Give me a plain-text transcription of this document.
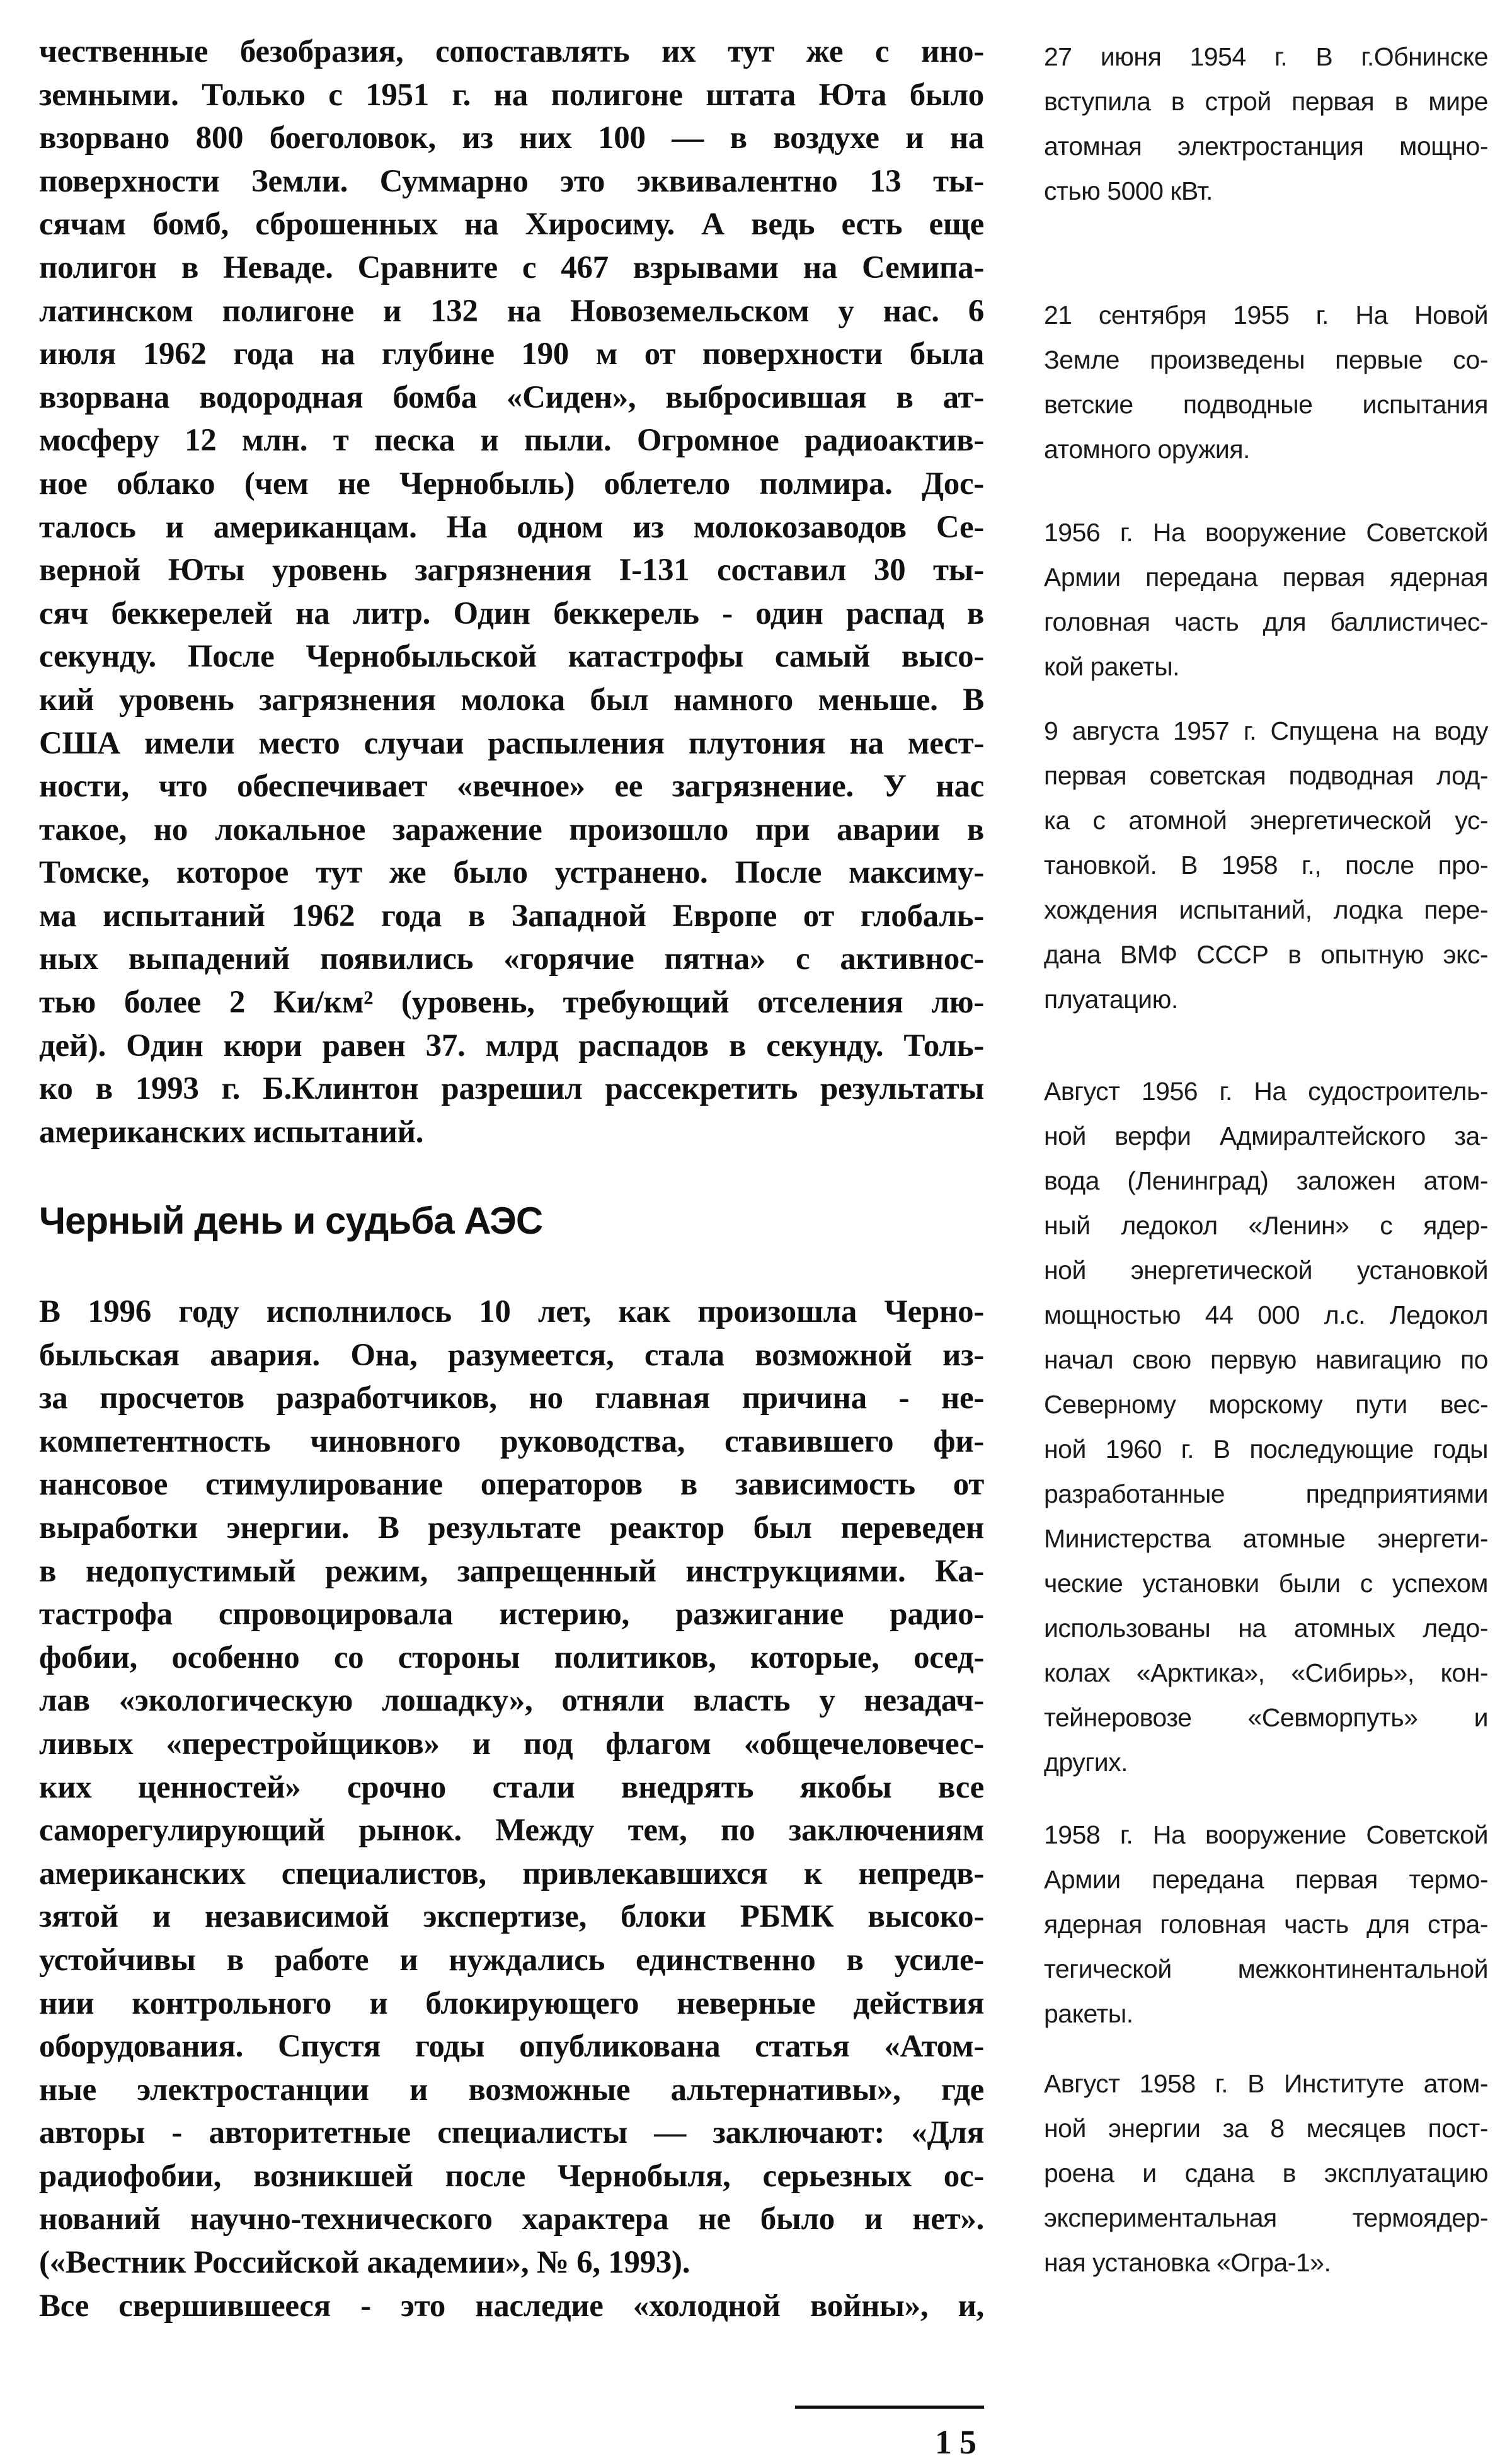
чественные безобразия, сопоставлять их тут же с ино-
земными. Только с 1951 г. на полигоне штата Юта было
взорвано 800 боеголовок, из них 100 — в воздухе и на
поверхности Земли. Суммарно это эквивалентно 13 ты-
сячам бомб, сброшенных на Хиросиму. А ведь есть еще
полигон в Неваде. Сравните с 467 взрывами на Семипа-
латинском полигоне и 132 на Новоземельском у нас. 6
июля 1962 года на глубине 190 м от поверхности была
взорвана водородная бомба «Сиден», выбросившая в ат-
мосферу 12 млн. т песка и пыли. Огромное радиоактив-
ное облако (чем не Чернобыль) облетело полмира. Дос-
талось и американцам. На одном из молокозаводов Се-
верной Юты уровень загрязнения I-131 составил 30 ты-
сяч беккерелей на литр. Один беккерель - один распад в
секунду. После Чернобыльской катастрофы самый высо-
кий уровень загрязнения молока был намного меньше. В
США имели место случаи распыления плутония на мест-
ности, что обеспечивает «вечное» ее загрязнение. У нас
такое, но локальное заражение произошло при аварии в
Томске, которое тут же было устранено. После максиму-
ма испытаний 1962 года в Западной Европе от глобаль-
ных выпадений появились «горячие пятна» с активнос-
тью более 2 Ки/км² (уровень, требующий отселения лю-
дей). Один кюри равен 37. млрд распадов в секунду. Толь-
ко в 1993 г. Б.Клинтон разрешил рассекретить результаты
американских испытаний.
Черный день и судьба АЭС
В 1996 году исполнилось 10 лет, как произошла Черно-
быльская авария. Она, разумеется, стала возможной из-
за просчетов разработчиков, но главная причина - не-
компетентность чиновного руководства, ставившего фи-
нансовое стимулирование операторов в зависимость от
выработки энергии. В результате реактор был переведен
в недопустимый режим, запрещенный инструкциями. Ка-
тастрофа спровоцировала истерию, разжигание радио-
фобии, особенно со стороны политиков, которые, осед-
лав «экологическую лошадку», отняли власть у незадач-
ливых «перестройщиков» и под флагом «общечеловечес-
ких ценностей» срочно стали внедрять якобы все
саморегулирующий рынок. Между тем, по заключениям
американских специалистов, привлекавшихся к непредв-
зятой и независимой экспертизе, блоки РБМК высоко-
устойчивы в работе и нуждались единственно в усиле-
нии контрольного и блокирующего неверные действия
оборудования. Спустя годы опубликована статья «Атом-
ные электростанции и возможные альтернативы», где
авторы - авторитетные специалисты — заключают: «Для
радиофобии, возникшей после Чернобыля, серьезных ос-
нований научно-технического характера не было и нет».
(«Вестник Российской академии», № 6, 1993).
Все свершившееся - это наследие «холодной войны», и,
27 июня 1954 г. В г.Обнинске
вступила в строй первая в мире
атомная электростанция мощно-
стью 5000 кВт.
21 сентября 1955 г. На Новой
Земле произведены первые со-
ветские подводные испытания
атомного оружия.
1956 г. На вооружение Советской
Армии передана первая ядерная
головная часть для баллистичес-
кой ракеты.
9 августа 1957 г. Спущена на воду
первая советская подводная лод-
ка с атомной энергетической ус-
тановкой. В 1958 г., после про-
хождения испытаний, лодка пере-
дана ВМФ СССР в опытную экс-
плуатацию.
Август 1956 г. На судостроитель-
ной верфи Адмиралтейского за-
вода (Ленинград) заложен атом-
ный ледокол «Ленин» с ядер-
ной энергетической установкой
мощностью 44 000 л.с. Ледокол
начал свою первую навигацию по
Северному морскому пути вес-
ной 1960 г. В последующие годы
разработанные предприятиями
Министерства атомные энергети-
ческие установки были с успехом
использованы на атомных ледо-
колах «Арктика», «Сибирь», кон-
тейнеровозе «Севморпуть» и
других.
1958 г. На вооружение Советской
Армии передана первая термо-
ядерная головная часть для стра-
тегической межконтинентальной
ракеты.
Август 1958 г. В Институте атом-
ной энергии за 8 месяцев пост-
роена и сдана в эксплуатацию
экспериментальная термоядер-
ная установка «Огра-1».
15
